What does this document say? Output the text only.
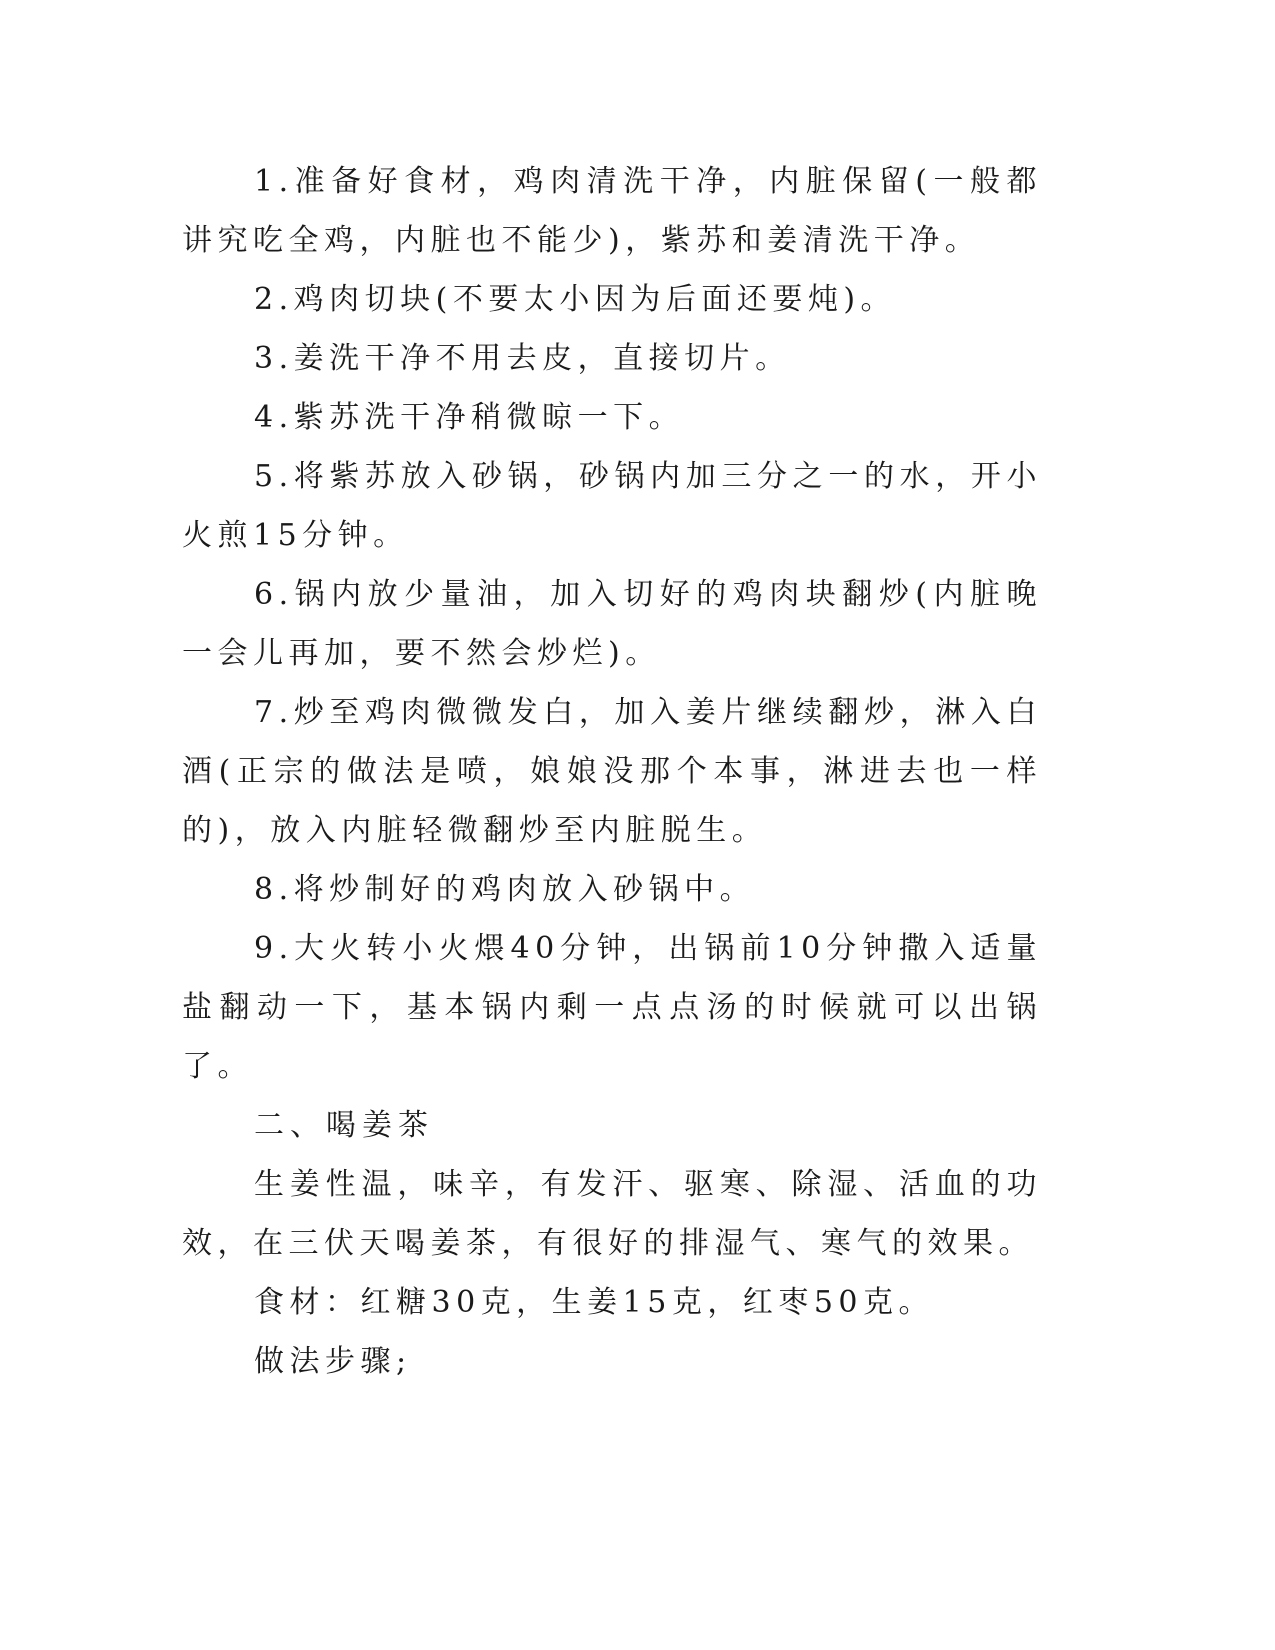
1.准备好食材，鸡肉清洗干净，内脏保留(一般都讲究吃全鸡，内脏也不能少)，紫苏和姜清洗干净。

2.鸡肉切块(不要太小因为后面还要炖)。

3.姜洗干净不用去皮，直接切片。

4.紫苏洗干净稍微晾一下。

5.将紫苏放入砂锅，砂锅内加三分之一的水，开小火煎15分钟。

6.锅内放少量油，加入切好的鸡肉块翻炒(内脏晚一会儿再加，要不然会炒烂)。

7.炒至鸡肉微微发白，加入姜片继续翻炒，淋入白酒(正宗的做法是喷，娘娘没那个本事，淋进去也一样的)，放入内脏轻微翻炒至内脏脱生。

8.将炒制好的鸡肉放入砂锅中。

9.大火转小火煨40分钟，出锅前10分钟撒入适量盐翻动一下，基本锅内剩一点点汤的时候就可以出锅了。

二、喝姜茶

生姜性温，味辛，有发汗、驱寒、除湿、活血的功效，在三伏天喝姜茶，有很好的排湿气、寒气的效果。

食材：红糖30克，生姜15克，红枣50克。

做法步骤;
